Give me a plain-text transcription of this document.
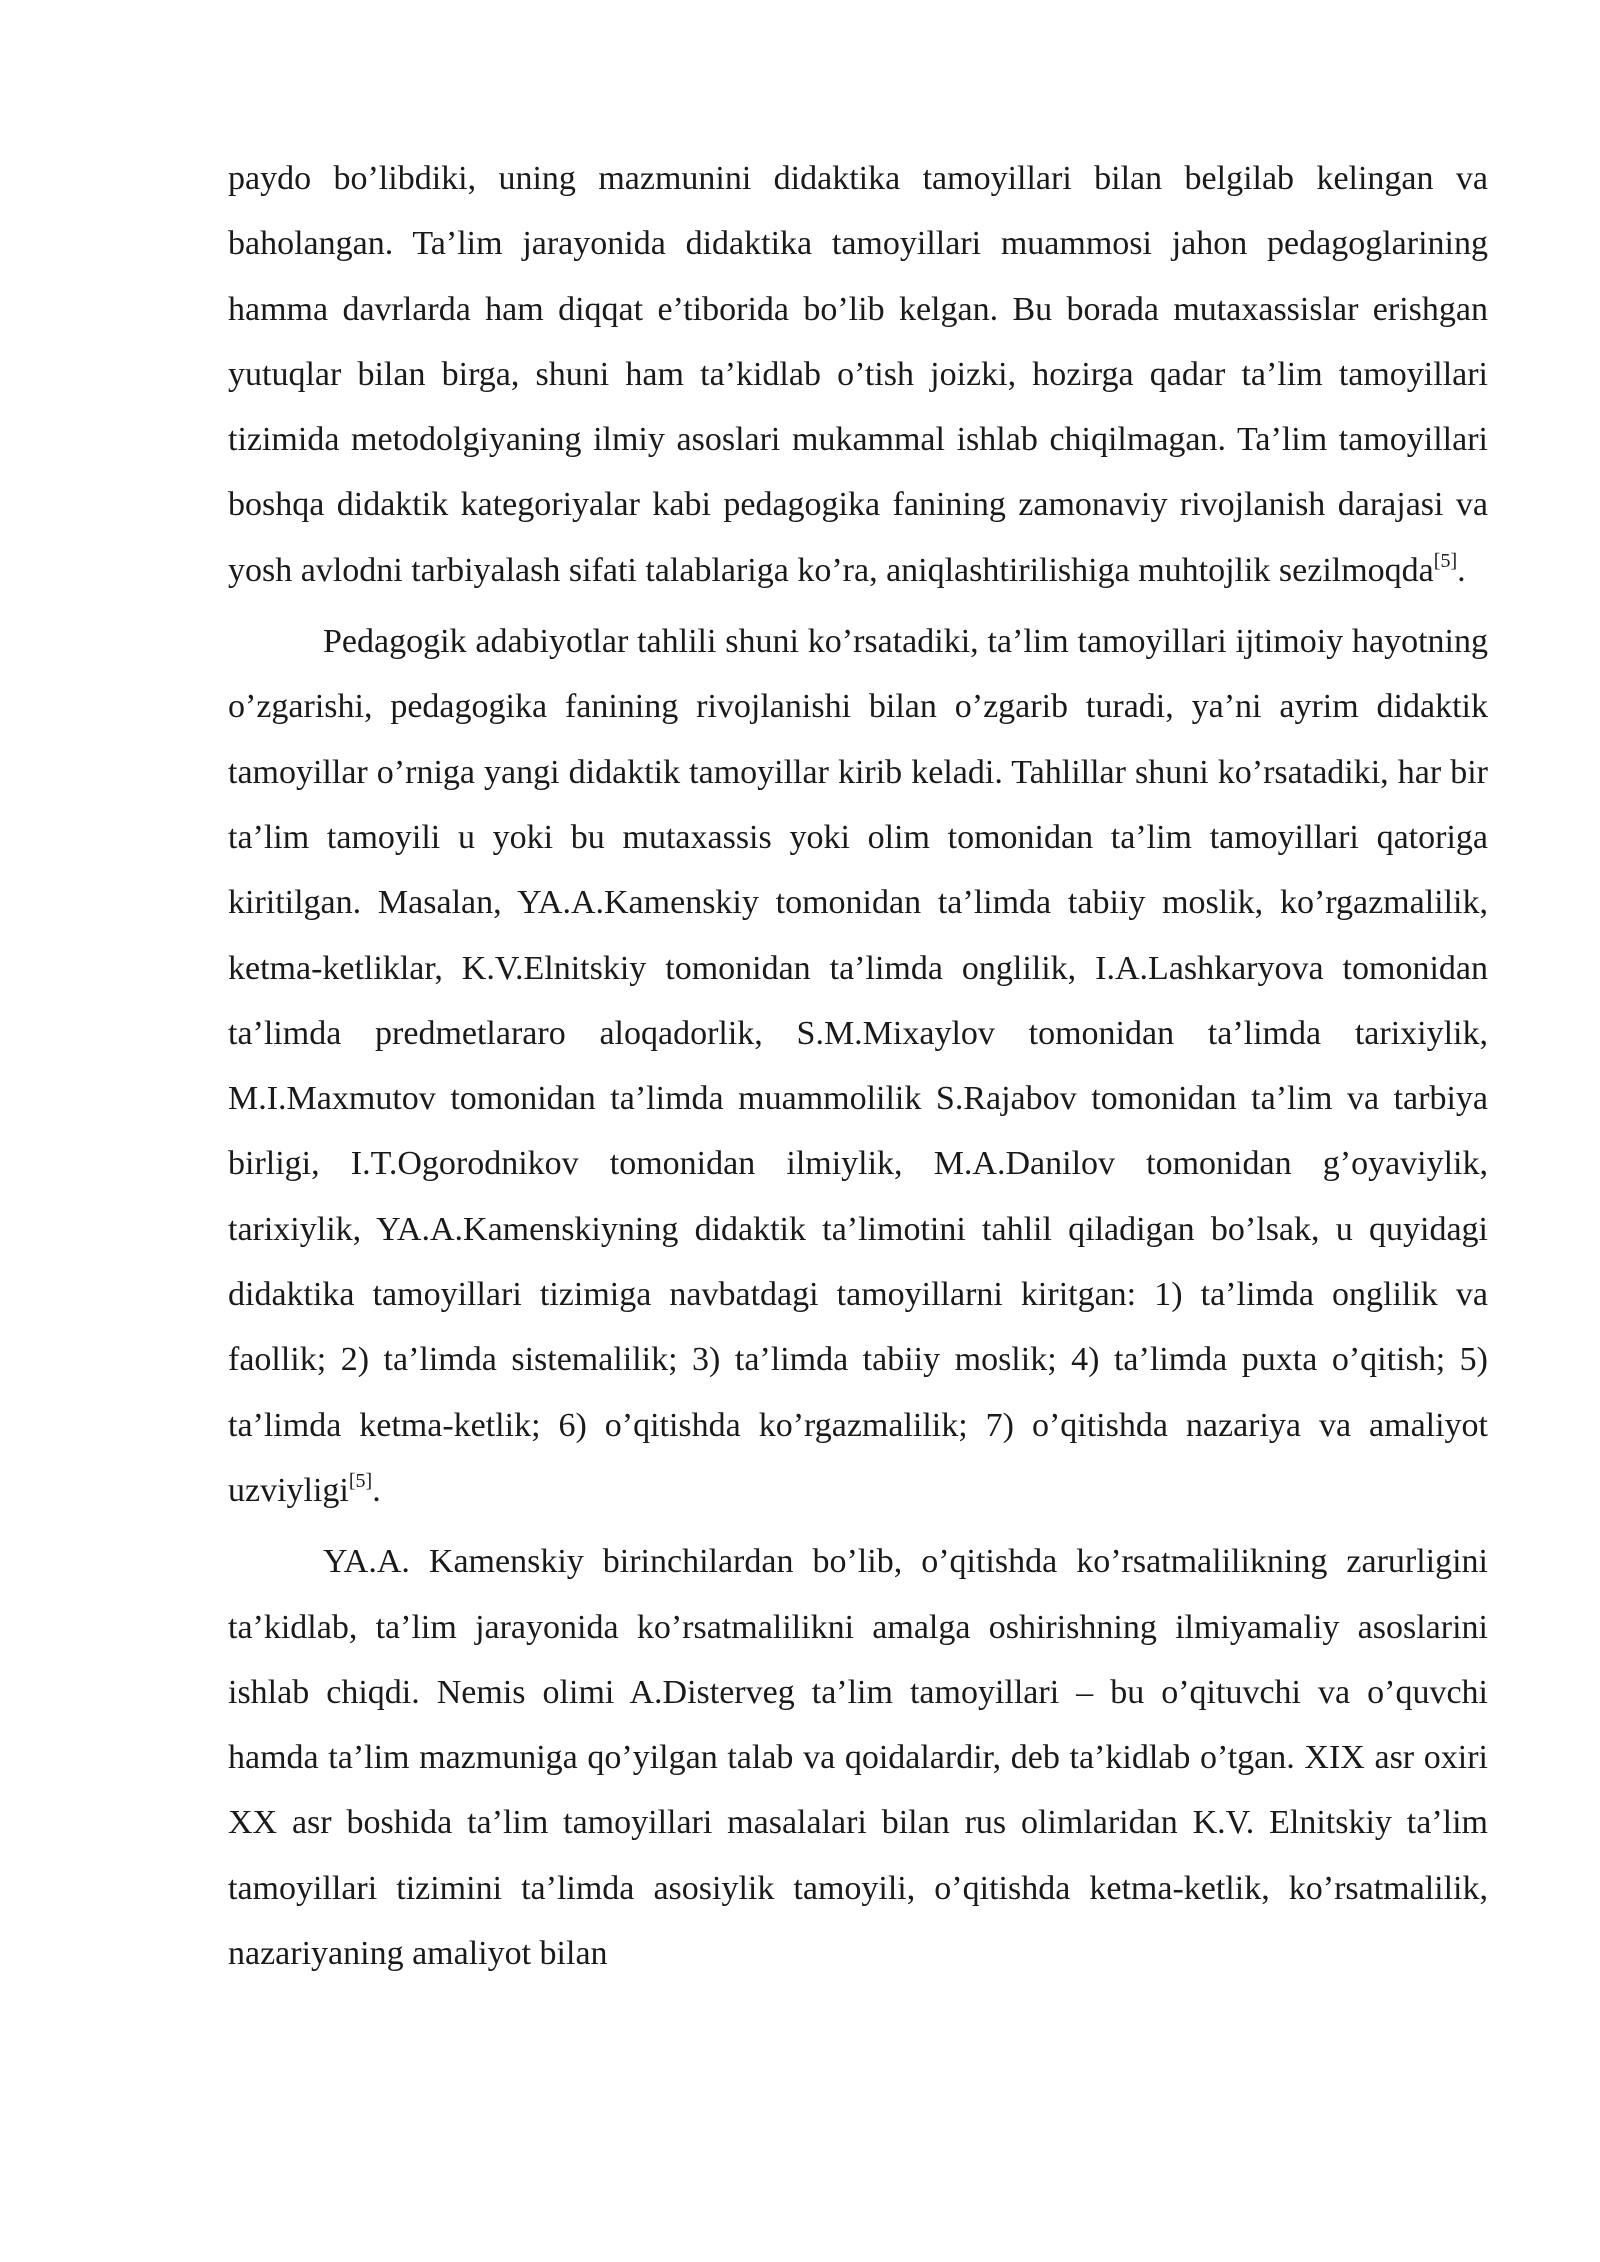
paydo bo’libdiki, uning mazmunini didaktika tamoyillari bilan belgilab kelingan va baholangan. Ta’lim jarayonida didaktika tamoyillari muammosi jahon pedagoglarining hamma davrlarda ham diqqat e’tiborida bo’lib kelgan. Bu borada mutaxassislar erishgan yutuqlar bilan birga, shuni ham ta’kidlab o’tish joizki, hozirga qadar ta’lim tamoyillari tizimida metodolgiyaning ilmiy asoslari mukammal ishlab chiqilmagan. Ta’lim tamoyillari boshqa didaktik kategoriyalar kabi pedagogika fanining zamonaviy rivojlanish darajasi va yosh avlodni tarbiyalash sifati talablariga ko’ra, aniqlashtirilishiga muhtojlik sezilmoqda[5].

Pedagogik adabiyotlar tahlili shuni ko’rsatadiki, ta’lim tamoyillari ijtimoiy hayotning o’zgarishi, pedagogika fanining rivojlanishi bilan o’zgarib turadi, ya’ni ayrim didaktik tamoyillar o’rniga yangi didaktik tamoyillar kirib keladi. Tahlillar shuni ko’rsatadiki, har bir ta’lim tamoyili u yoki bu mutaxassis yoki olim tomonidan ta’lim tamoyillari qatoriga kiritilgan. Masalan, YA.A.Kamenskiy tomonidan ta’limda tabiiy moslik, ko’rgazmalilik, ketma-ketliklar, K.V.Elnitskiy tomonidan ta’limda onglilik, I.A.Lashkaryova tomonidan ta’limda predmetlararo aloqadorlik, S.M.Mixaylov tomonidan ta’limda tarixiylik, M.I.Maxmutov tomonidan ta’limda muammolilik S.Rajabov tomonidan ta’lim va tarbiya birligi, I.T.Ogorodnikov tomonidan ilmiylik, M.A.Danilov tomonidan g’oyaviylik, tarixiylik, YA.A.Kamenskiyning didaktik ta’limotini tahlil qiladigan bo’lsak, u quyidagi didaktika tamoyillari tizimiga navbatdagi tamoyillarni kiritgan: 1) ta’limda onglilik va faollik; 2) ta’limda sistemalilik; 3) ta’limda tabiiy moslik; 4) ta’limda puxta o’qitish; 5) ta’limda ketma-ketlik; 6) o’qitishda ko’rgazmalilik; 7) o’qitishda nazariya va amaliyot uzviyligi[5].

YA.A. Kamenskiy birinchilardan bo’lib, o’qitishda ko’rsatmalilikning zarurligini ta’kidlab, ta’lim jarayonida ko’rsatmalilikni amalga oshirishning ilmiyamaliy asoslarini ishlab chiqdi. Nemis olimi A.Disterveg ta’lim tamoyillari – bu o’qituvchi va o’quvchi hamda ta’lim mazmuniga qo’yilgan talab va qoidalardir, deb ta’kidlab o’tgan. XIX asr oxiri XX asr boshida ta’lim tamoyillari masalalari bilan rus olimlaridan K.V. Elnitskiy ta’lim tamoyillari tizimini ta’limda asosiylik tamoyili, o’qitishda ketma-ketlik, ko’rsatmalilik, nazariyaning amaliyot bilan
